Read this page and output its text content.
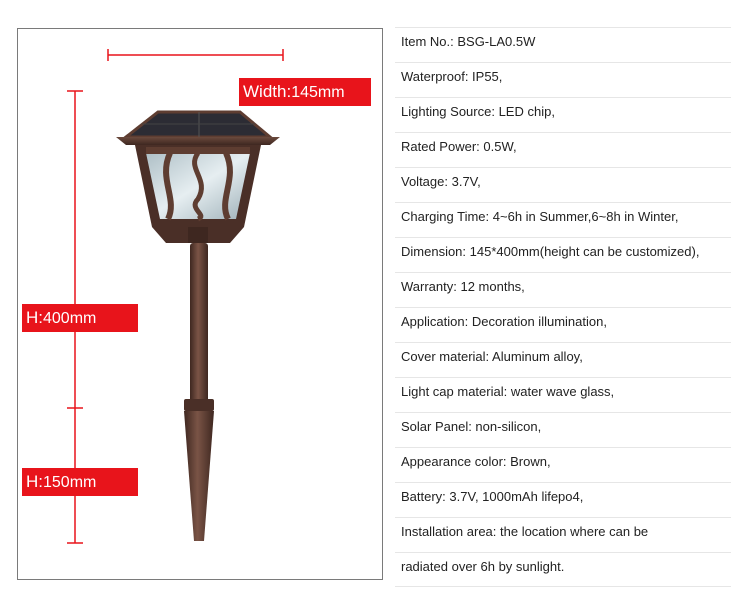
Width:145mm
H:400mm
H:150mm
Item No.: BSG-LA0.5W
Waterproof: IP55,
Lighting Source: LED chip,
Rated Power: 0.5W,
Voltage: 3.7V,
Charging Time: 4~6h in Summer,6~8h in Winter,
Dimension: 145*400mm(height can be customized),
Warranty: 12 months,
Application: Decoration illumination,
Cover material: Aluminum alloy,
Light cap material: water wave glass,
Solar Panel: non-silicon,
Appearance color: Brown,
Battery: 3.7V, 1000mAh lifepo4,
Installation area: the location where can be
radiated over 6h by sunlight.
